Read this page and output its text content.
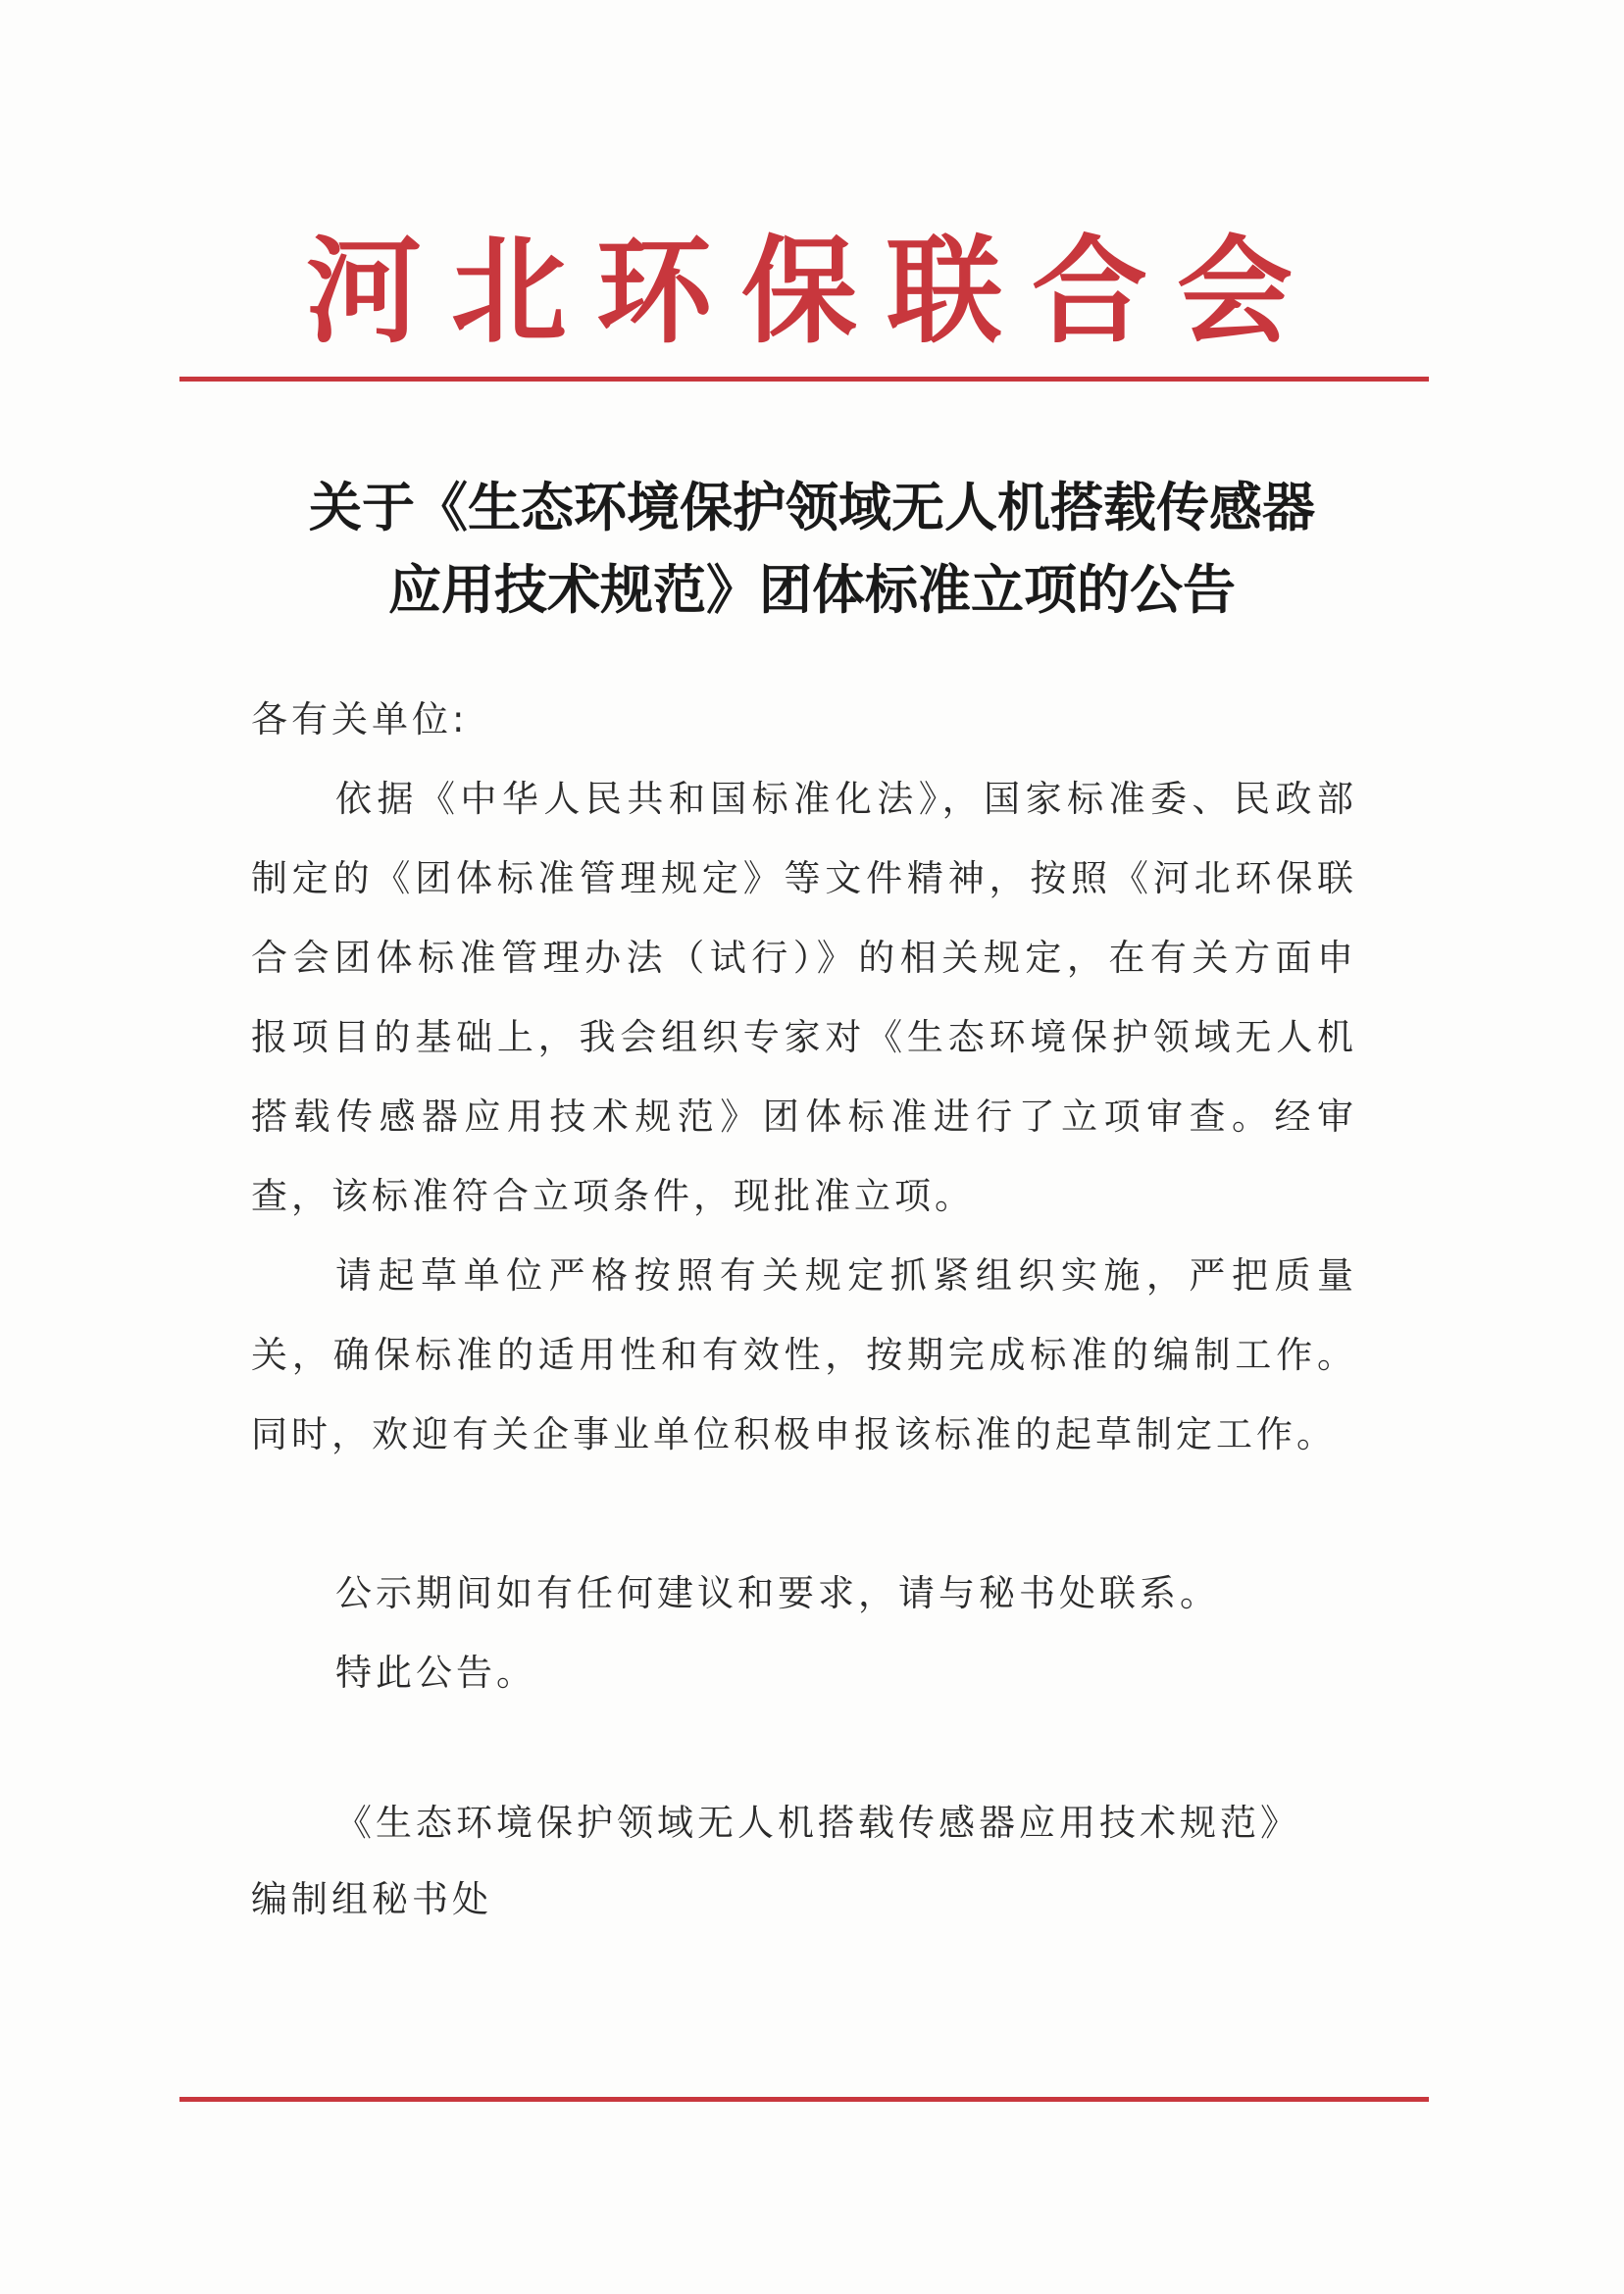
河北环保联合会
关于《生态环境保护领域无人机搭载传感器
应用技术规范》团体标准立项的公告

各有关单位:

依据《中华人民共和国标准化法》，国家标准委、民政部制定的《团体标准管理规定》等文件精神，按照《河北环保联合会团体标准管理办法（试行）》的相关规定，在有关方面申报项目的基础上，我会组织专家对《生态环境保护领域无人机搭载传感器应用技术规范》团体标准进行了立项审查。经审查，该标准符合立项条件，现批准立项。

请起草单位严格按照有关规定抓紧组织实施，严把质量关，确保标准的适用性和有效性，按期完成标准的编制工作。同时，欢迎有关企事业单位积极申报该标准的起草制定工作。

公示期间如有任何建议和要求，请与秘书处联系。

特此公告。

《生态环境保护领域无人机搭载传感器应用技术规范》

编制组秘书处
